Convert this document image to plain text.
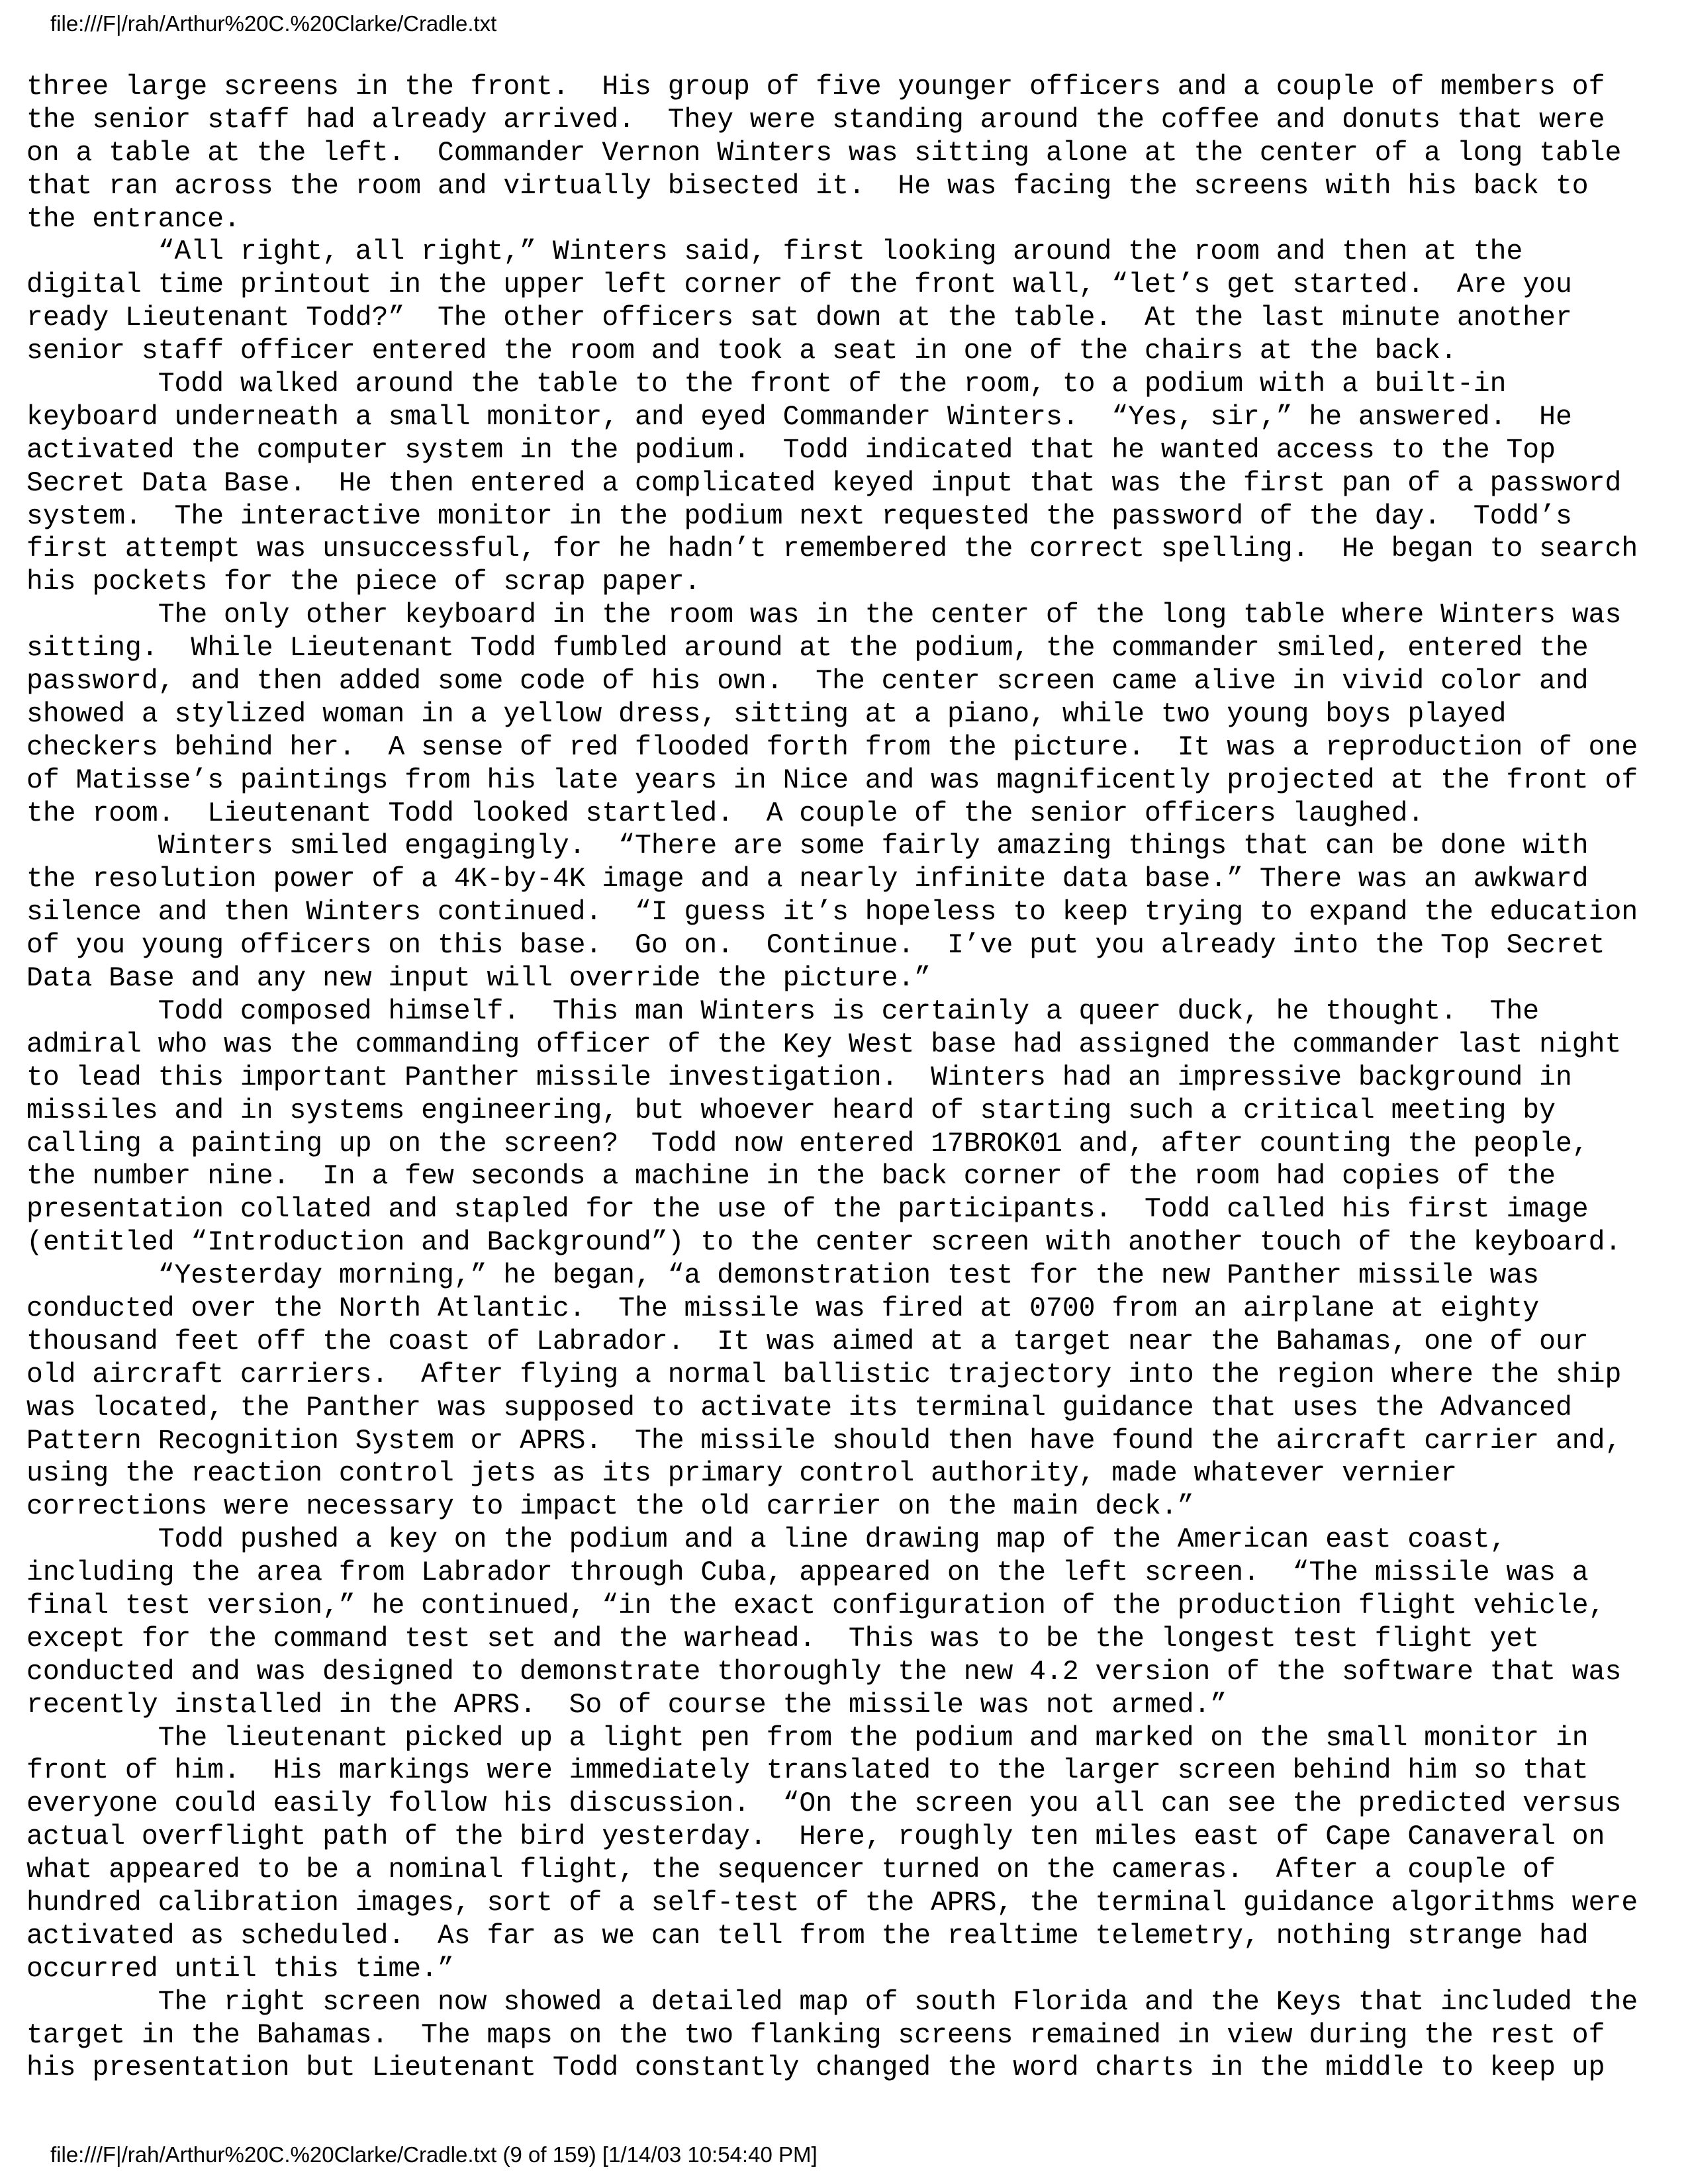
file:///F|/rah/Arthur%20C.%20Clarke/Cradle.txt
three large screens in the front.  His group of five younger officers and a couple of members of
the senior staff had already arrived.  They were standing around the coffee and donuts that were
on a table at the left.  Commander Vernon Winters was sitting alone at the center of a long table
that ran across the room and virtually bisected it.  He was facing the screens with his back to
the entrance.
“All right, all right,” Winters said, first looking around the room and then at the
digital time printout in the upper left corner of the front wall, “let’s get started.  Are you
ready Lieutenant Todd?”  The other officers sat down at the table.  At the last minute another
senior staff officer entered the room and took a seat in one of the chairs at the back.
Todd walked around the table to the front of the room, to a podium with a built-in
keyboard underneath a small monitor, and eyed Commander Winters.  “Yes, sir,” he answered.  He
activated the computer system in the podium.  Todd indicated that he wanted access to the Top
Secret Data Base.  He then entered a complicated keyed input that was the first pan of a password
system.  The interactive monitor in the podium next requested the password of the day.  Todd’s
first attempt was unsuccessful, for he hadn’t remembered the correct spelling.  He began to search
his pockets for the piece of scrap paper.
The only other keyboard in the room was in the center of the long table where Winters was
sitting.  While Lieutenant Todd fumbled around at the podium, the commander smiled, entered the
password, and then added some code of his own.  The center screen came alive in vivid color and
showed a stylized woman in a yellow dress, sitting at a piano, while two young boys played
checkers behind her.  A sense of red flooded forth from the picture.  It was a reproduction of one
of Matisse’s paintings from his late years in Nice and was magnificently projected at the front of
the room.  Lieutenant Todd looked startled.  A couple of the senior officers laughed.
Winters smiled engagingly.  “There are some fairly amazing things that can be done with
the resolution power of a 4K-by-4K image and a nearly infinite data base.” There was an awkward
silence and then Winters continued.  “I guess it’s hopeless to keep trying to expand the education
of you young officers on this base.  Go on.  Continue.  I’ve put you already into the Top Secret
Data Base and any new input will override the picture.”
Todd composed himself.  This man Winters is certainly a queer duck, he thought.  The
admiral who was the commanding officer of the Key West base had assigned the commander last night
to lead this important Panther missile investigation.  Winters had an impressive background in
missiles and in systems engineering, but whoever heard of starting such a critical meeting by
calling a painting up on the screen?  Todd now entered 17BROK01 and, after counting the people,
the number nine.  In a few seconds a machine in the back corner of the room had copies of the
presentation collated and stapled for the use of the participants.  Todd called his first image
(entitled “Introduction and Background”) to the center screen with another touch of the keyboard.
“Yesterday morning,” he began, “a demonstration test for the new Panther missile was
conducted over the North Atlantic.  The missile was fired at 0700 from an airplane at eighty
thousand feet off the coast of Labrador.  It was aimed at a target near the Bahamas, one of our
old aircraft carriers.  After flying a normal ballistic trajectory into the region where the ship
was located, the Panther was supposed to activate its terminal guidance that uses the Advanced
Pattern Recognition System or APRS.  The missile should then have found the aircraft carrier and,
using the reaction control jets as its primary control authority, made whatever vernier
corrections were necessary to impact the old carrier on the main deck.”
Todd pushed a key on the podium and a line drawing map of the American east coast,
including the area from Labrador through Cuba, appeared on the left screen.  “The missile was a
final test version,” he continued, “in the exact configuration of the production flight vehicle,
except for the command test set and the warhead.  This was to be the longest test flight yet
conducted and was designed to demonstrate thoroughly the new 4.2 version of the software that was
recently installed in the APRS.  So of course the missile was not armed.”
The lieutenant picked up a light pen from the podium and marked on the small monitor in
front of him.  His markings were immediately translated to the larger screen behind him so that
everyone could easily follow his discussion.  “On the screen you all can see the predicted versus
actual overflight path of the bird yesterday.  Here, roughly ten miles east of Cape Canaveral on
what appeared to be a nominal flight, the sequencer turned on the cameras.  After a couple of
hundred calibration images, sort of a self-test of the APRS, the terminal guidance algorithms were
activated as scheduled.  As far as we can tell from the realtime telemetry, nothing strange had
occurred until this time.”
The right screen now showed a detailed map of south Florida and the Keys that included the
target in the Bahamas.  The maps on the two flanking screens remained in view during the rest of
his presentation but Lieutenant Todd constantly changed the word charts in the middle to keep up
file:///F|/rah/Arthur%20C.%20Clarke/Cradle.txt (9 of 159) [1/14/03 10:54:40 PM]
